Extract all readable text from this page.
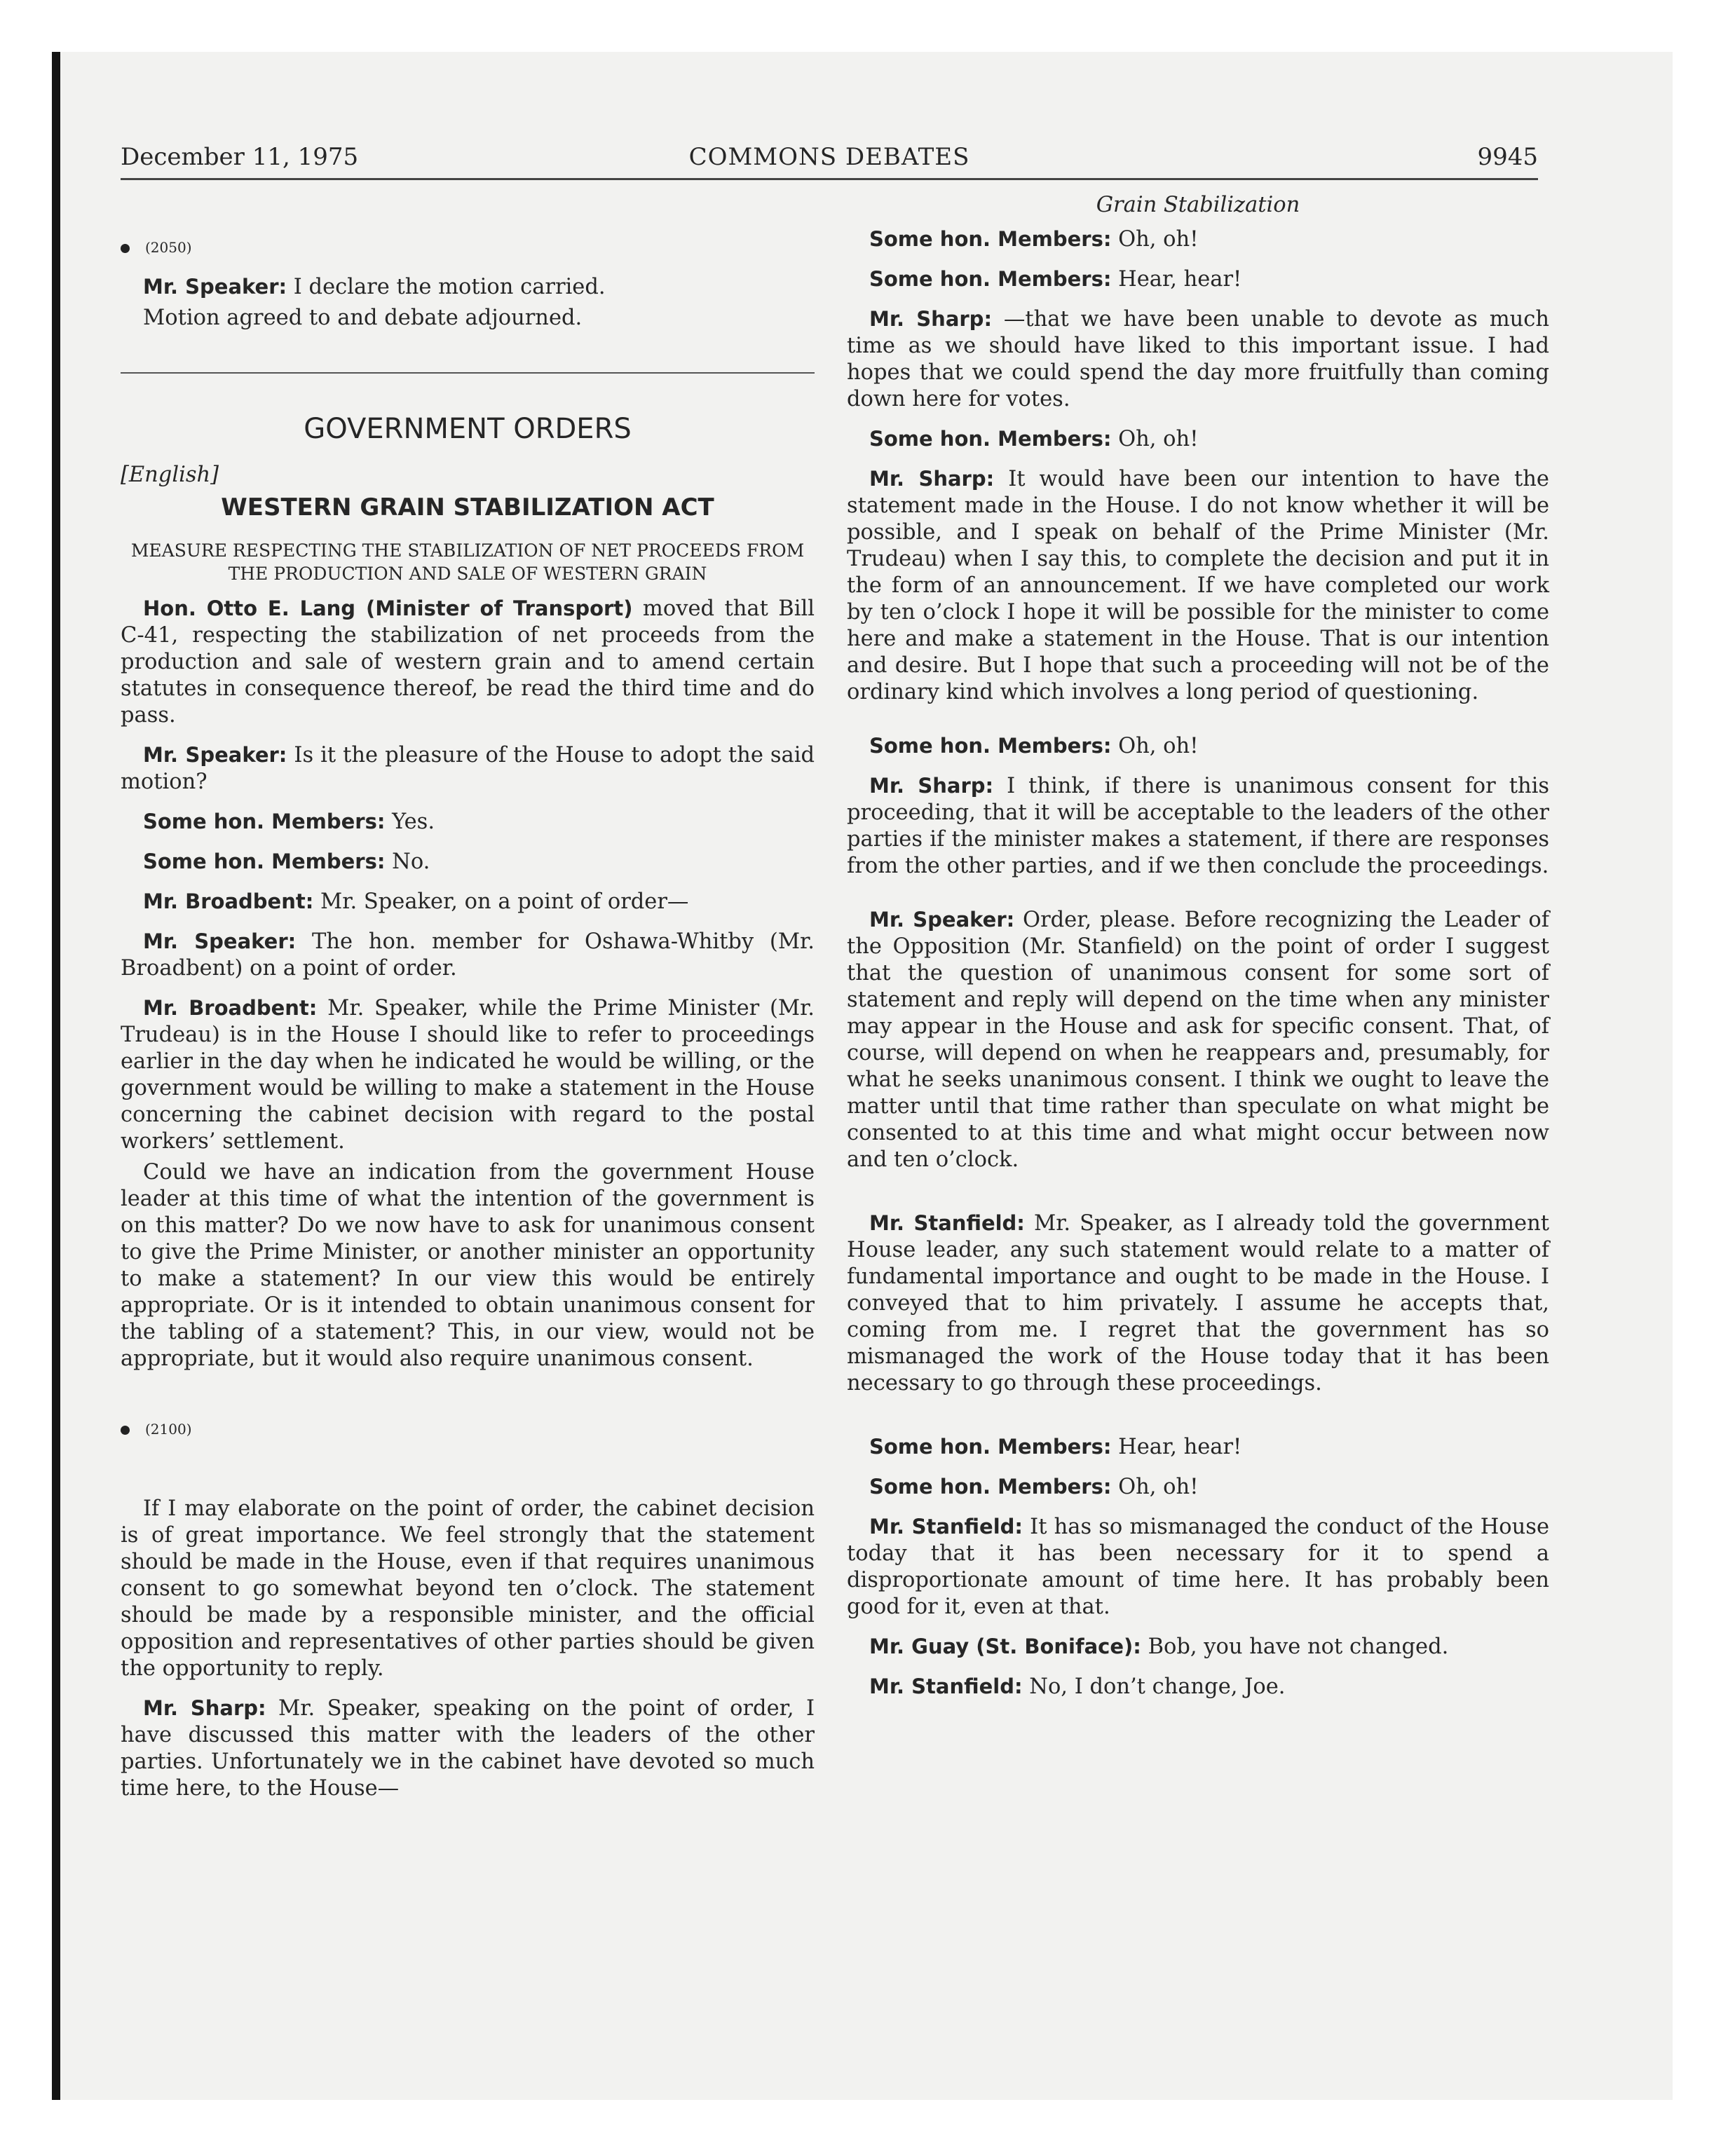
December 11, 1975	COMMONS DEBATES	9945

(2050)

Mr. Speaker: I declare the motion carried.

Motion agreed to and debate adjourned.

GOVERNMENT ORDERS

[English]

WESTERN GRAIN STABILIZATION ACT

MEASURE RESPECTING THE STABILIZATION OF NET PROCEEDS FROM THE PRODUCTION AND SALE OF WESTERN GRAIN

Hon. Otto E. Lang (Minister of Transport) moved that Bill C-41, respecting the stabilization of net proceeds from the production and sale of western grain and to amend certain statutes in consequence thereof, be read the third time and do pass.

Mr. Speaker: Is it the pleasure of the House to adopt the said motion?

Some hon. Members: Yes.

Some hon. Members: No.

Mr. Broadbent: Mr. Speaker, on a point of order—

Mr. Speaker: The hon. member for Oshawa-Whitby (Mr. Broadbent) on a point of order.

Mr. Broadbent: Mr. Speaker, while the Prime Minister (Mr. Trudeau) is in the House I should like to refer to proceedings earlier in the day when he indicated he would be willing, or the government would be willing to make a statement in the House concerning the cabinet decision with regard to the postal workers’ settlement.

Could we have an indication from the government House leader at this time of what the intention of the government is on this matter? Do we now have to ask for unanimous consent to give the Prime Minister, or another minister an opportunity to make a statement? In our view this would be entirely appropriate. Or is it intended to obtain unanimous consent for the tabling of a statement? This, in our view, would not be appropriate, but it would also require unanimous consent.

(2100)

If I may elaborate on the point of order, the cabinet decision is of great importance. We feel strongly that the statement should be made in the House, even if that requires unanimous consent to go somewhat beyond ten o’clock. The statement should be made by a responsible minister, and the official opposition and representatives of other parties should be given the opportunity to reply.

Mr. Sharp: Mr. Speaker, speaking on the point of order, I have discussed this matter with the leaders of the other parties. Unfortunately we in the cabinet have devoted so much time here, to the House—

Grain Stabilization

Some hon. Members: Oh, oh!

Some hon. Members: Hear, hear!

Mr. Sharp: —that we have been unable to devote as much time as we should have liked to this important issue. I had hopes that we could spend the day more fruitfully than coming down here for votes.

Some hon. Members: Oh, oh!

Mr. Sharp: It would have been our intention to have the statement made in the House. I do not know whether it will be possible, and I speak on behalf of the Prime Minister (Mr. Trudeau) when I say this, to complete the decision and put it in the form of an announcement. If we have completed our work by ten o’clock I hope it will be possible for the minister to come here and make a statement in the House. That is our intention and desire. But I hope that such a proceeding will not be of the ordinary kind which involves a long period of questioning.

Some hon. Members: Oh, oh!

Mr. Sharp: I think, if there is unanimous consent for this proceeding, that it will be acceptable to the leaders of the other parties if the minister makes a statement, if there are responses from the other parties, and if we then conclude the proceedings.

Mr. Speaker: Order, please. Before recognizing the Leader of the Opposition (Mr. Stanfield) on the point of order I suggest that the question of unanimous consent for some sort of statement and reply will depend on the time when any minister may appear in the House and ask for specific consent. That, of course, will depend on when he reappears and, presumably, for what he seeks unanimous consent. I think we ought to leave the matter until that time rather than speculate on what might be consented to at this time and what might occur between now and ten o’clock.

Mr. Stanfield: Mr. Speaker, as I already told the government House leader, any such statement would relate to a matter of fundamental importance and ought to be made in the House. I conveyed that to him privately. I assume he accepts that, coming from me. I regret that the government has so mismanaged the work of the House today that it has been necessary to go through these proceedings.

Some hon. Members: Hear, hear!

Some hon. Members: Oh, oh!

Mr. Stanfield: It has so mismanaged the conduct of the House today that it has been necessary for it to spend a disproportionate amount of time here. It has probably been good for it, even at that.

Mr. Guay (St. Boniface): Bob, you have not changed.

Mr. Stanfield: No, I don’t change, Joe.
